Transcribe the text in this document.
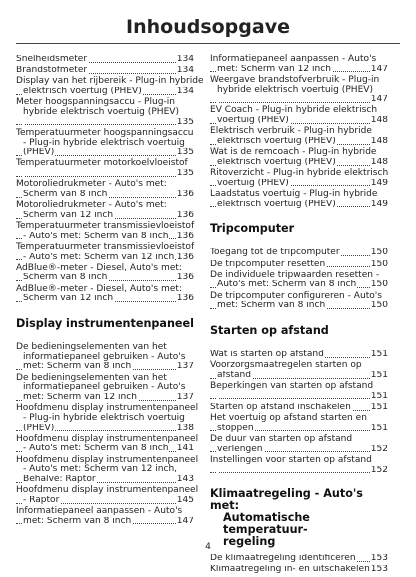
Inhoudsopgave
Snelheidsmeter	134
Brandstofmeter	134
Display van het rijbereik - Plug-in hybride
elektrisch voertuig (PHEV)	134
Meter hoogspanningsaccu - Plug-in
hybride elektrisch voertuig (PHEV)
135
Temperatuurmeter hoogspanningsaccu
- Plug-in hybride elektrisch voertuig
(PHEV)	135
Temperatuurmeter motorkoelvloeistof
135
Motoroliedrukmeter - Auto's met:
Scherm van 8 inch	136
Motoroliedrukmeter - Auto's met:
Scherm van 12 inch	136
Temperatuurmeter transmissievloeistof
- Auto's met: Scherm van 8 inch 136
Temperatuurmeter transmissievloeistof
- Auto's met: Scherm van 12 inch 136
AdBlue®-meter - Diesel, Auto's met:
Scherm van 8 inch	136
AdBlue®-meter - Diesel, Auto's met:
Scherm van 12 inch	136
Display instrumentenpaneel
De bedieningselementen van het
informatiepaneel gebruiken - Auto's
met: Scherm van 8 inch	137
De bedieningselementen van het
informatiepaneel gebruiken - Auto's
met: Scherm van 12 inch	137
Hoofdmenu display instrumentenpaneel
- Plug-in hybride elektrisch voertuig
(PHEV)	138
Hoofdmenu display instrumentenpaneel
- Auto's met: Scherm van 8 inch 141
Hoofdmenu display instrumentenpaneel
- Auto's met: Scherm van 12 inch,
Behalve: Raptor	143
Hoofdmenu display instrumentenpaneel
- Raptor	145
Informatiepaneel aanpassen - Auto's
met: Scherm van 8 inch	147
Informatiepaneel aanpassen - Auto's
met: Scherm van 12 inch	147
Weergave brandstofverbruik - Plug-in
hybride elektrisch voertuig (PHEV)
147
EV Coach - Plug-in hybride elektrisch
voertuig (PHEV)	148
Elektrisch verbruik - Plug-in hybride
elektrisch voertuig (PHEV)	148
Wat is de remcoach - Plug-in hybride
elektrisch voertuig (PHEV)	148
Ritoverzicht - Plug-in hybride elektrisch
voertuig (PHEV)	149
Laadstatus voertuig - Plug-in hybride
elektrisch voertuig (PHEV)	149
Tripcomputer
Toegang tot de tripcomputer	150
De tripcomputer resetten	150
De individuele tripwaarden resetten -
Auto's met: Scherm van 8 inch 150
De tripcomputer configureren - Auto's
met: Scherm van 8 inch	150
Starten op afstand
Wat is starten op afstand	151
Voorzorgsmaatregelen starten op
afstand	151
Beperkingen van starten op afstand
151
Starten op afstand inschakelen 151
Het voertuig op afstand starten en
stoppen	151
De duur van starten op afstand
verlengen	152
Instellingen voor starten op afstand
152
Klimaatregeling - Auto's met:
Automatische temperatuur-
regeling
De klimaatregeling identificeren 153
Klimaatregeling in- en uitschakelen 153
4
